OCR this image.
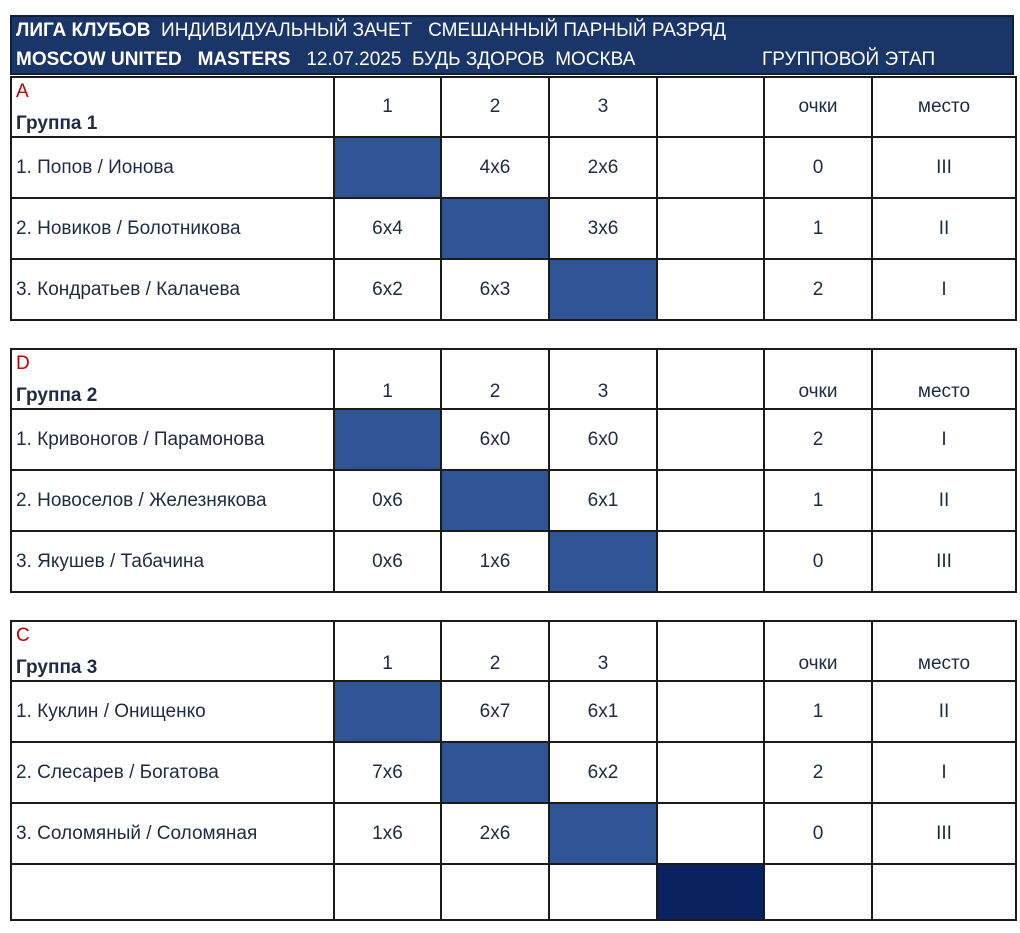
ЛИГА КЛУБОВ ИНДИВИДУАЛЬНЫЙ ЗАЧЕТ   СМЕШАННЫЙ ПАРНЫЙ РАЗРЯД
MOSCOW UNITED MASTERS 12.07.2025  БУДЬ ЗДОРОВ  МОСКВА	ГРУППОВОЙ ЭТАП
A
Группа 1	1	2	3		очки	место

1. Попов / Ионова		4х6	2х6		0	III
2. Новиков / Болотникова	6х4		3х6		1	II
3. Кондратьев / Калачева	6х2	6х3			2	I
D
Группа 2	1	2	3		очки	место

1. Кривоногов / Парамонова		6х0	6х0		2	I
2. Новоселов / Железнякова	0х6		6х1		1	II
3. Якушев / Табачина	0х6	1х6			0	III
C
Группа 3	1	2	3		очки	место

1. Куклин / Онищенко		6х7	6х1		1	II
2. Слесарев / Богатова	7х6		6х2		2	I
3. Соломяный / Соломяная	1х6	2х6			0	III
